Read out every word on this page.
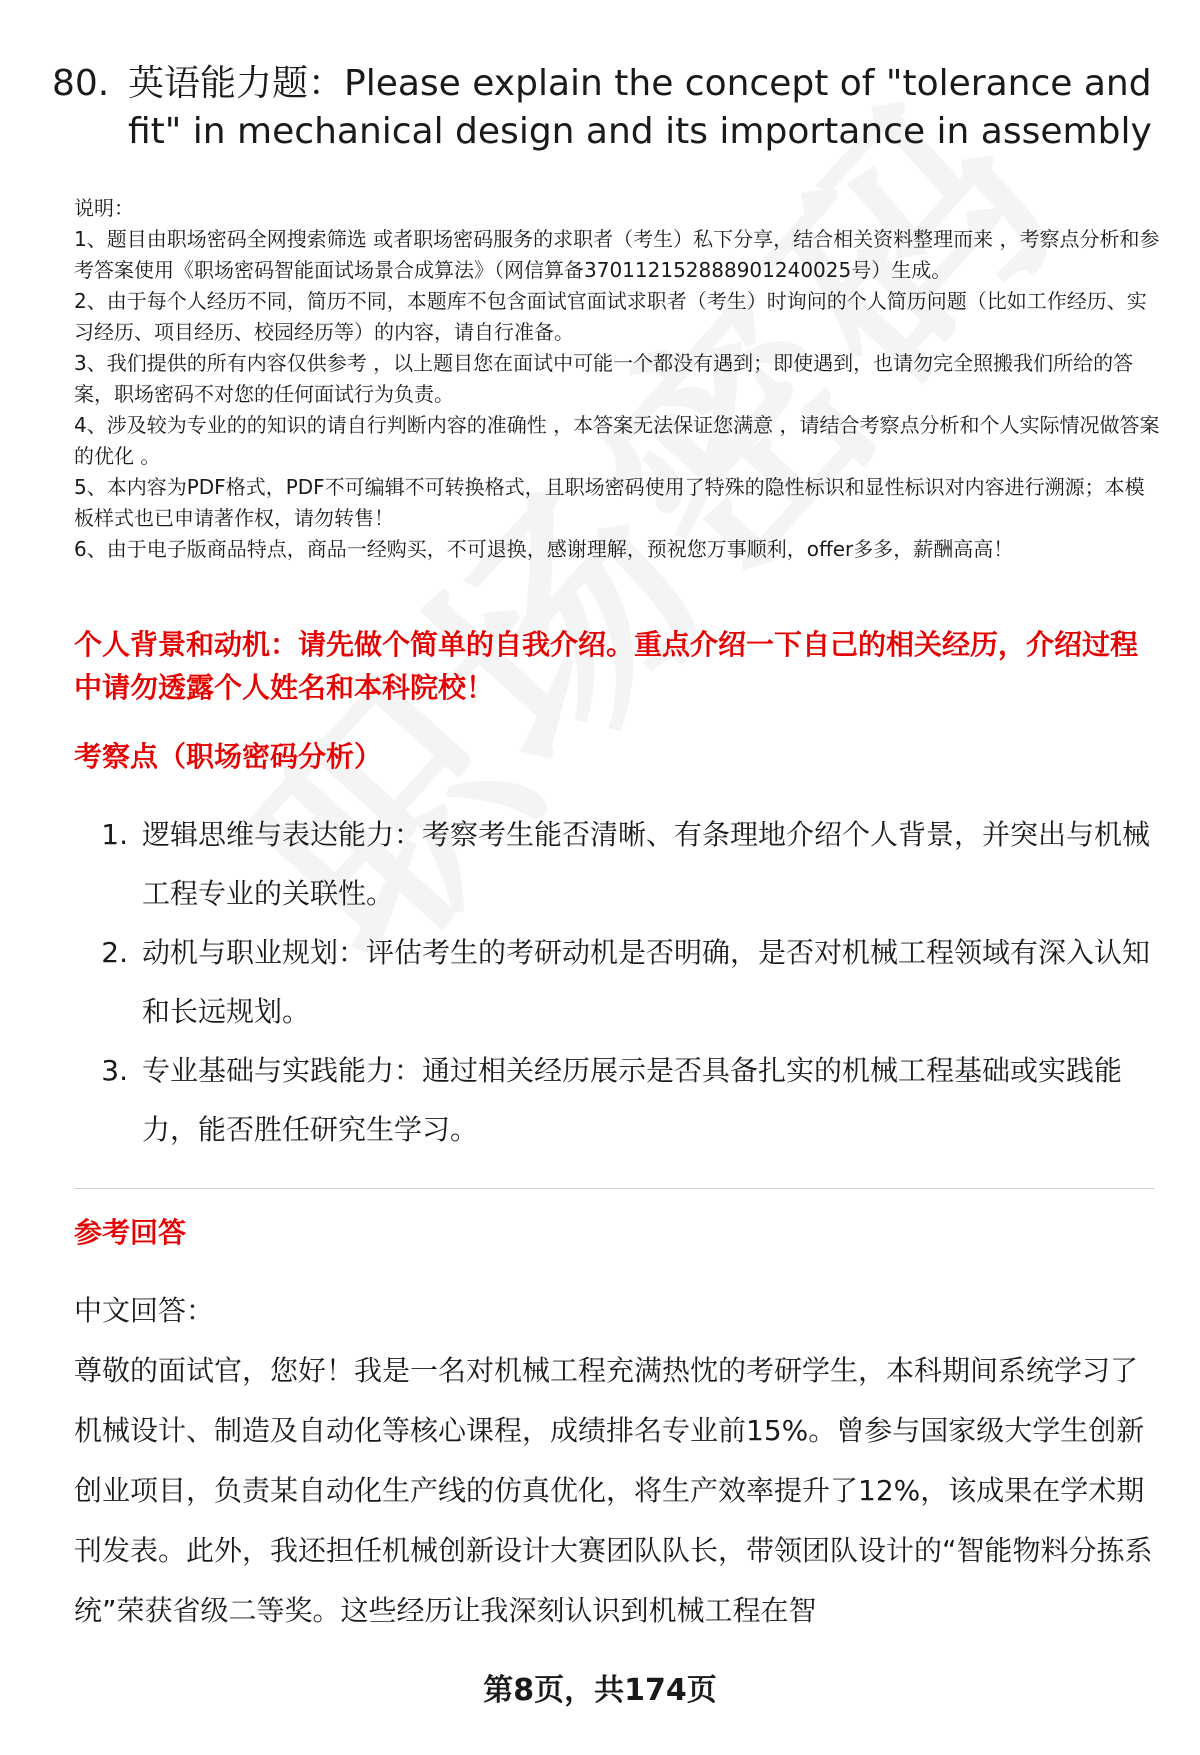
80. 英语能力题：Please explain the concept of "tolerance and fit" in mechanical design and its importance in assembly

说明：

1、题目由职场密码全网搜索筛选 或者职场密码服务的求职者（考生）私下分享，结合相关资料整理而来 ，考察点分析和参考答案使用《职场密码智能面试场景合成算法》（网信算备370112152888901240025号）生成。

2、由于每个人经历不同，简历不同，本题库不包含面试官面试求职者（考生）时询问的个人简历问题（比如工作经历、实习经历、项目经历、校园经历等）的内容，请自行准备。

3、我们提供的所有内容仅供参考 ，以上题目您在面试中可能一个都没有遇到；即使遇到，也请勿完全照搬我们所给的答案，职场密码不对您的任何面试行为负责。

4、涉及较为专业的的知识的请自行判断内容的准确性 ，本答案无法保证您满意 ，请结合考察点分析和个人实际情况做答案的优化 。

5、本内容为PDF格式，PDF不可编辑不可转换格式，且职场密码使用了特殊的隐性标识和显性标识对内容进行溯源；本模板样式也已申请著作权，请勿转售！

6、由于电子版商品特点，商品一经购买，不可退换，感谢理解，预祝您万事顺利，offer多多，薪酬高高！

个人背景和动机：请先做个简单的自我介绍。重点介绍一下自己的相关经历，介绍过程中请勿透露个人姓名和本科院校！
考察点（职场密码分析）
1. 逻辑思维与表达能力：考察考生能否清晰、有条理地介绍个人背景，并突出与机械工程专业的关联性。
2. 动机与职业规划：评估考生的考研动机是否明确，是否对机械工程领域有深入认知和长远规划。
3. 专业基础与实践能力：通过相关经历展示是否具备扎实的机械工程基础或实践能力，能否胜任研究生学习。
参考回答

中文回答：

尊敬的面试官，您好！我是一名对机械工程充满热忱的考研学生，本科期间系统学习了机械设计、制造及自动化等核心课程，成绩排名专业前15%。曾参与国家级大学生创新创业项目，负责某自动化生产线的仿真优化，将生产效率提升了12%，该成果在学术期刊发表。此外，我还担任机械创新设计大赛团队队长，带领团队设计的“智能物料分拣系统”荣获省级二等奖。这些经历让我深刻认识到机械工程在智

第8页，共174页
